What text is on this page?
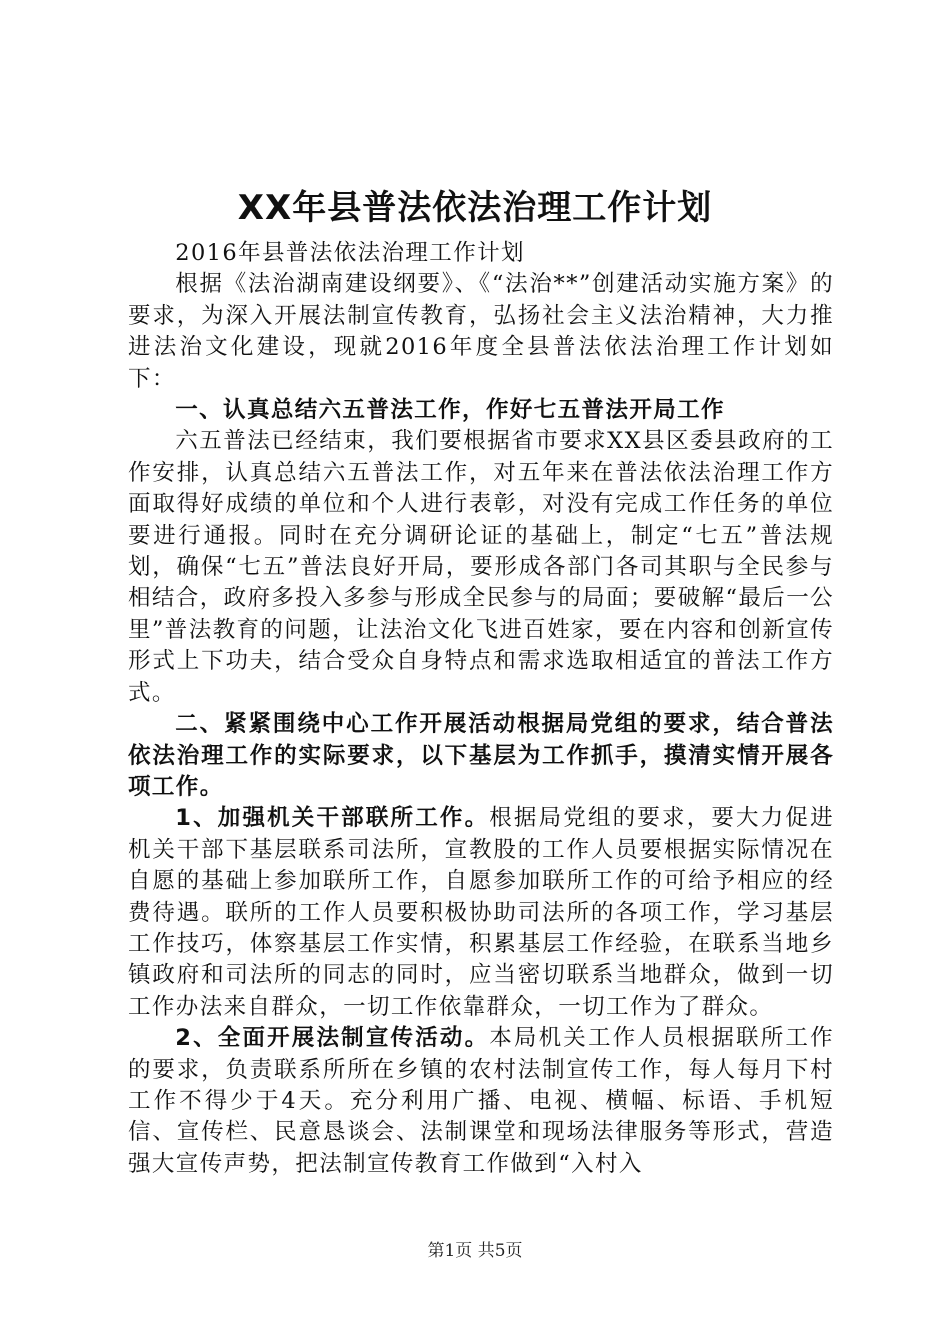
XX年县普法依法治理工作计划

2016年县普法依法治理工作计划

根据《法治湖南建设纲要》、《“法治**”创建活动实施方案》的要求，为深入开展法制宣传教育，弘扬社会主义法治精神，大力推进法治文化建设，现就2016年度全县普法依法治理工作计划如下：

一、认真总结六五普法工作，作好七五普法开局工作

六五普法已经结束，我们要根据省市要求XX县区委县政府的工作安排，认真总结六五普法工作，对五年来在普法依法治理工作方面取得好成绩的单位和个人进行表彰，对没有完成工作任务的单位要进行通报。同时在充分调研论证的基础上，制定“七五”普法规划，确保“七五”普法良好开局，要形成各部门各司其职与全民参与相结合，政府多投入多参与形成全民参与的局面；要破解“最后一公里”普法教育的问题，让法治文化飞进百姓家，要在内容和创新宣传形式上下功夫，结合受众自身特点和需求选取相适宜的普法工作方式。

二、紧紧围绕中心工作开展活动根据局党组的要求，结合普法依法治理工作的实际要求，以下基层为工作抓手，摸清实情开展各项工作。

1、加强机关干部联所工作。根据局党组的要求，要大力促进机关干部下基层联系司法所，宣教股的工作人员要根据实际情况在自愿的基础上参加联所工作，自愿参加联所工作的可给予相应的经费待遇。联所的工作人员要积极协助司法所的各项工作，学习基层工作技巧，体察基层工作实情，积累基层工作经验，在联系当地乡镇政府和司法所的同志的同时，应当密切联系当地群众，做到一切工作办法来自群众，一切工作依靠群众，一切工作为了群众。

2、全面开展法制宣传活动。本局机关工作人员根据联所工作的要求，负责联系所所在乡镇的农村法制宣传工作，每人每月下村工作不得少于4天。充分利用广播、电视、横幅、标语、手机短信、宣传栏、民意恳谈会、法制课堂和现场法律服务等形式，营造强大宣传声势，把法制宣传教育工作做到“入村入

第1页 共5页
